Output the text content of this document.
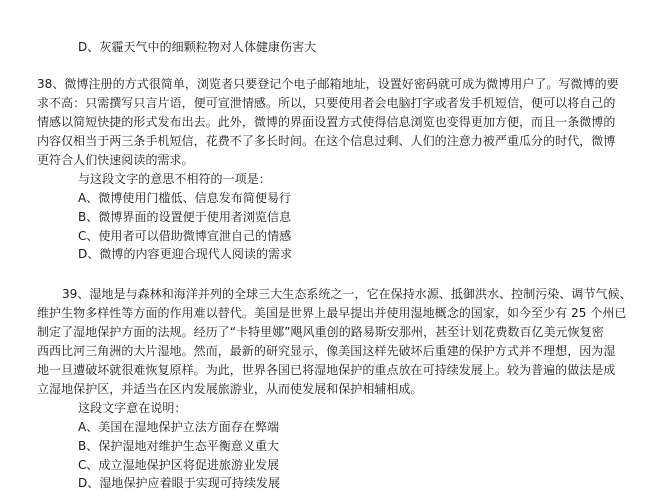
D、灰霾天气中的细颗粒物对人体健康伤害大
38、微博注册的方式很简单，浏览者只要登记个电子邮箱地址，设置好密码就可成为微博用户了。写微博的要
求不高：只需撰写只言片语，便可宣泄情感。所以，只要使用者会电脑打字或者发手机短信，便可以将自己的
情感以简短快捷的形式发布出去。此外，微博的界面设置方式使得信息浏览也变得更加方便，而且一条微博的
内容仅相当于两三条手机短信，花费不了多长时间。在这个信息过剩、人们的注意力被严重瓜分的时代，微博
更符合人们快速阅读的需求。
与这段文字的意思不相符的一项是：
A、微博使用门槛低、信息发布简便易行
B、微博界面的设置便于使用者浏览信息
C、使用者可以借助微博宣泄自己的情感
D、微博的内容更迎合现代人阅读的需求
39、湿地是与森林和海洋并列的全球三大生态系统之一，它在保持水源、抵御洪水、控制污染、调节气候、
维护生物多样性等方面的作用难以替代。美国是世界上最早提出并使用湿地概念的国家，如今至少有 25 个州已
制定了湿地保护方面的法规。经历了“卡特里娜”飓风重创的路易斯安那州，甚至计划花费数百亿美元恢复密
西西比河三角洲的大片湿地。然而，最新的研究显示，像美国这样先破坏后重建的保护方式并不理想，因为湿
地一旦遭破坏就很难恢复原样。为此，世界各国已将湿地保护的重点放在可持续发展上。较为普遍的做法是成
立湿地保护区，并适当在区内发展旅游业，从而使发展和保护相辅相成。
这段文字意在说明：
A、美国在湿地保护立法方面存在弊端
B、保护湿地对维护生态平衡意义重大
C、成立湿地保护区将促进旅游业发展
D、湿地保护应着眼于实现可持续发展
